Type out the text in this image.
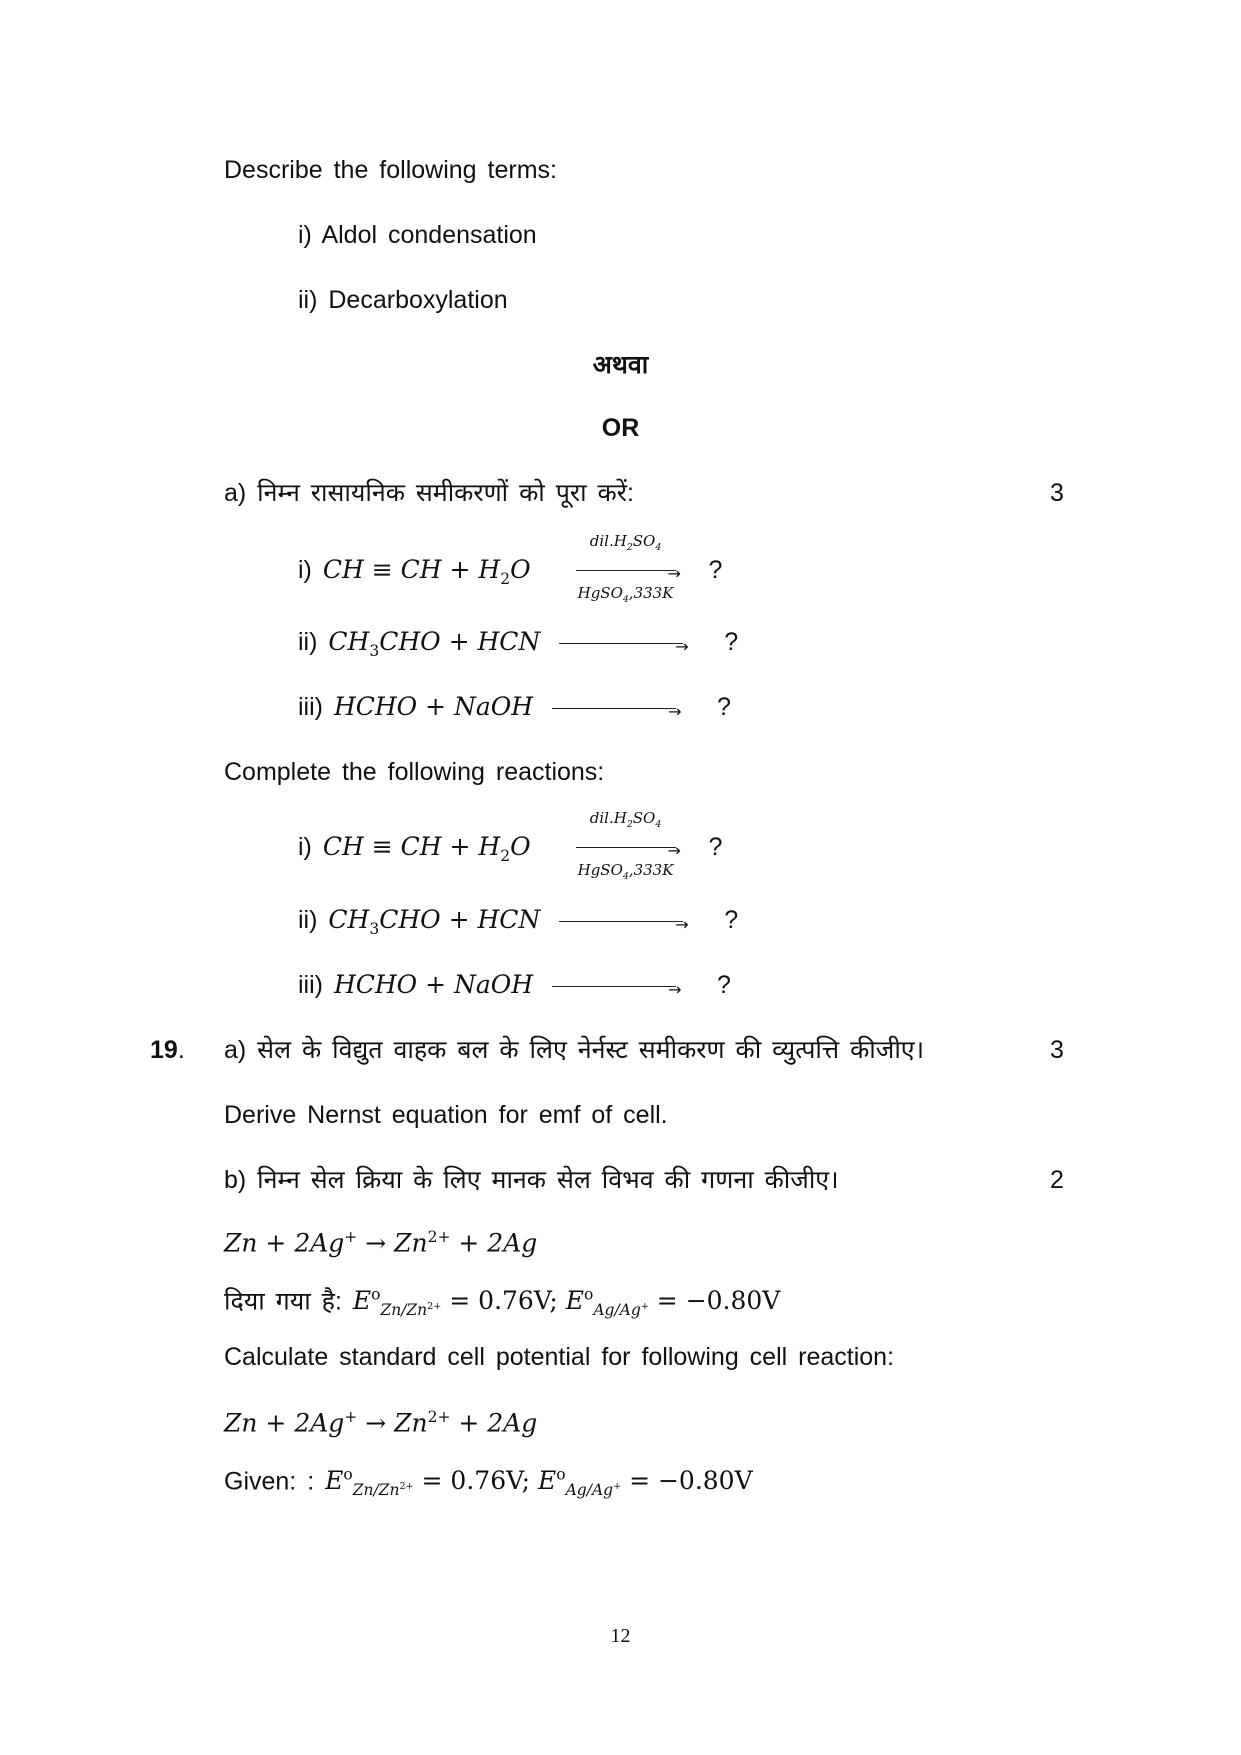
Describe the following terms:
i) Aldol condensation
ii) Decarboxylation
अथवा
OR
a) निम्न रासायनिक समीकरणों को पूरा करें:	3
i) CH ≡ CH + $H_2O$
$dil.H_2SO_4$
→
HgSO$_4$,333K
?
ii) $CH_3CHO$ + HCN	→ ?
iii) HCHO + NaOH	→ ?
Complete the following reactions:
i) CH ≡ CH + $H_2O$
$dil.H_2SO_4$
→
HgSO$_4$,333K
?
ii) $CH_3CHO$ + HCN	→ ?
iii) HCHO + NaOH	→ ?
19. a) सेल के विद्युत वाहक बल के लिए नेर्नस्ट समीकरण की व्युत्पत्ति कीजीए।	3
Derive Nernst equation for emf of cell.
b) निम्न सेल क्रिया के लिए मानक सेल विभव की गणना कीजीए।	2
$Zn + 2Ag^+ \to Zn^{2+} + 2Ag$
दिया गया है: $E^o_{Zn/Zn^{2+}} = 0.76V$; $E^o_{Ag/Ag^+} = -0.80V$
Calculate standard cell potential for following cell reaction:
$Zn + 2Ag^+ \to Zn^{2+} + 2Ag$
Given: : $E^o_{Zn/Zn^{2+}} = 0.76V$; $E^o_{Ag/Ag^+} = -0.80V$
12
